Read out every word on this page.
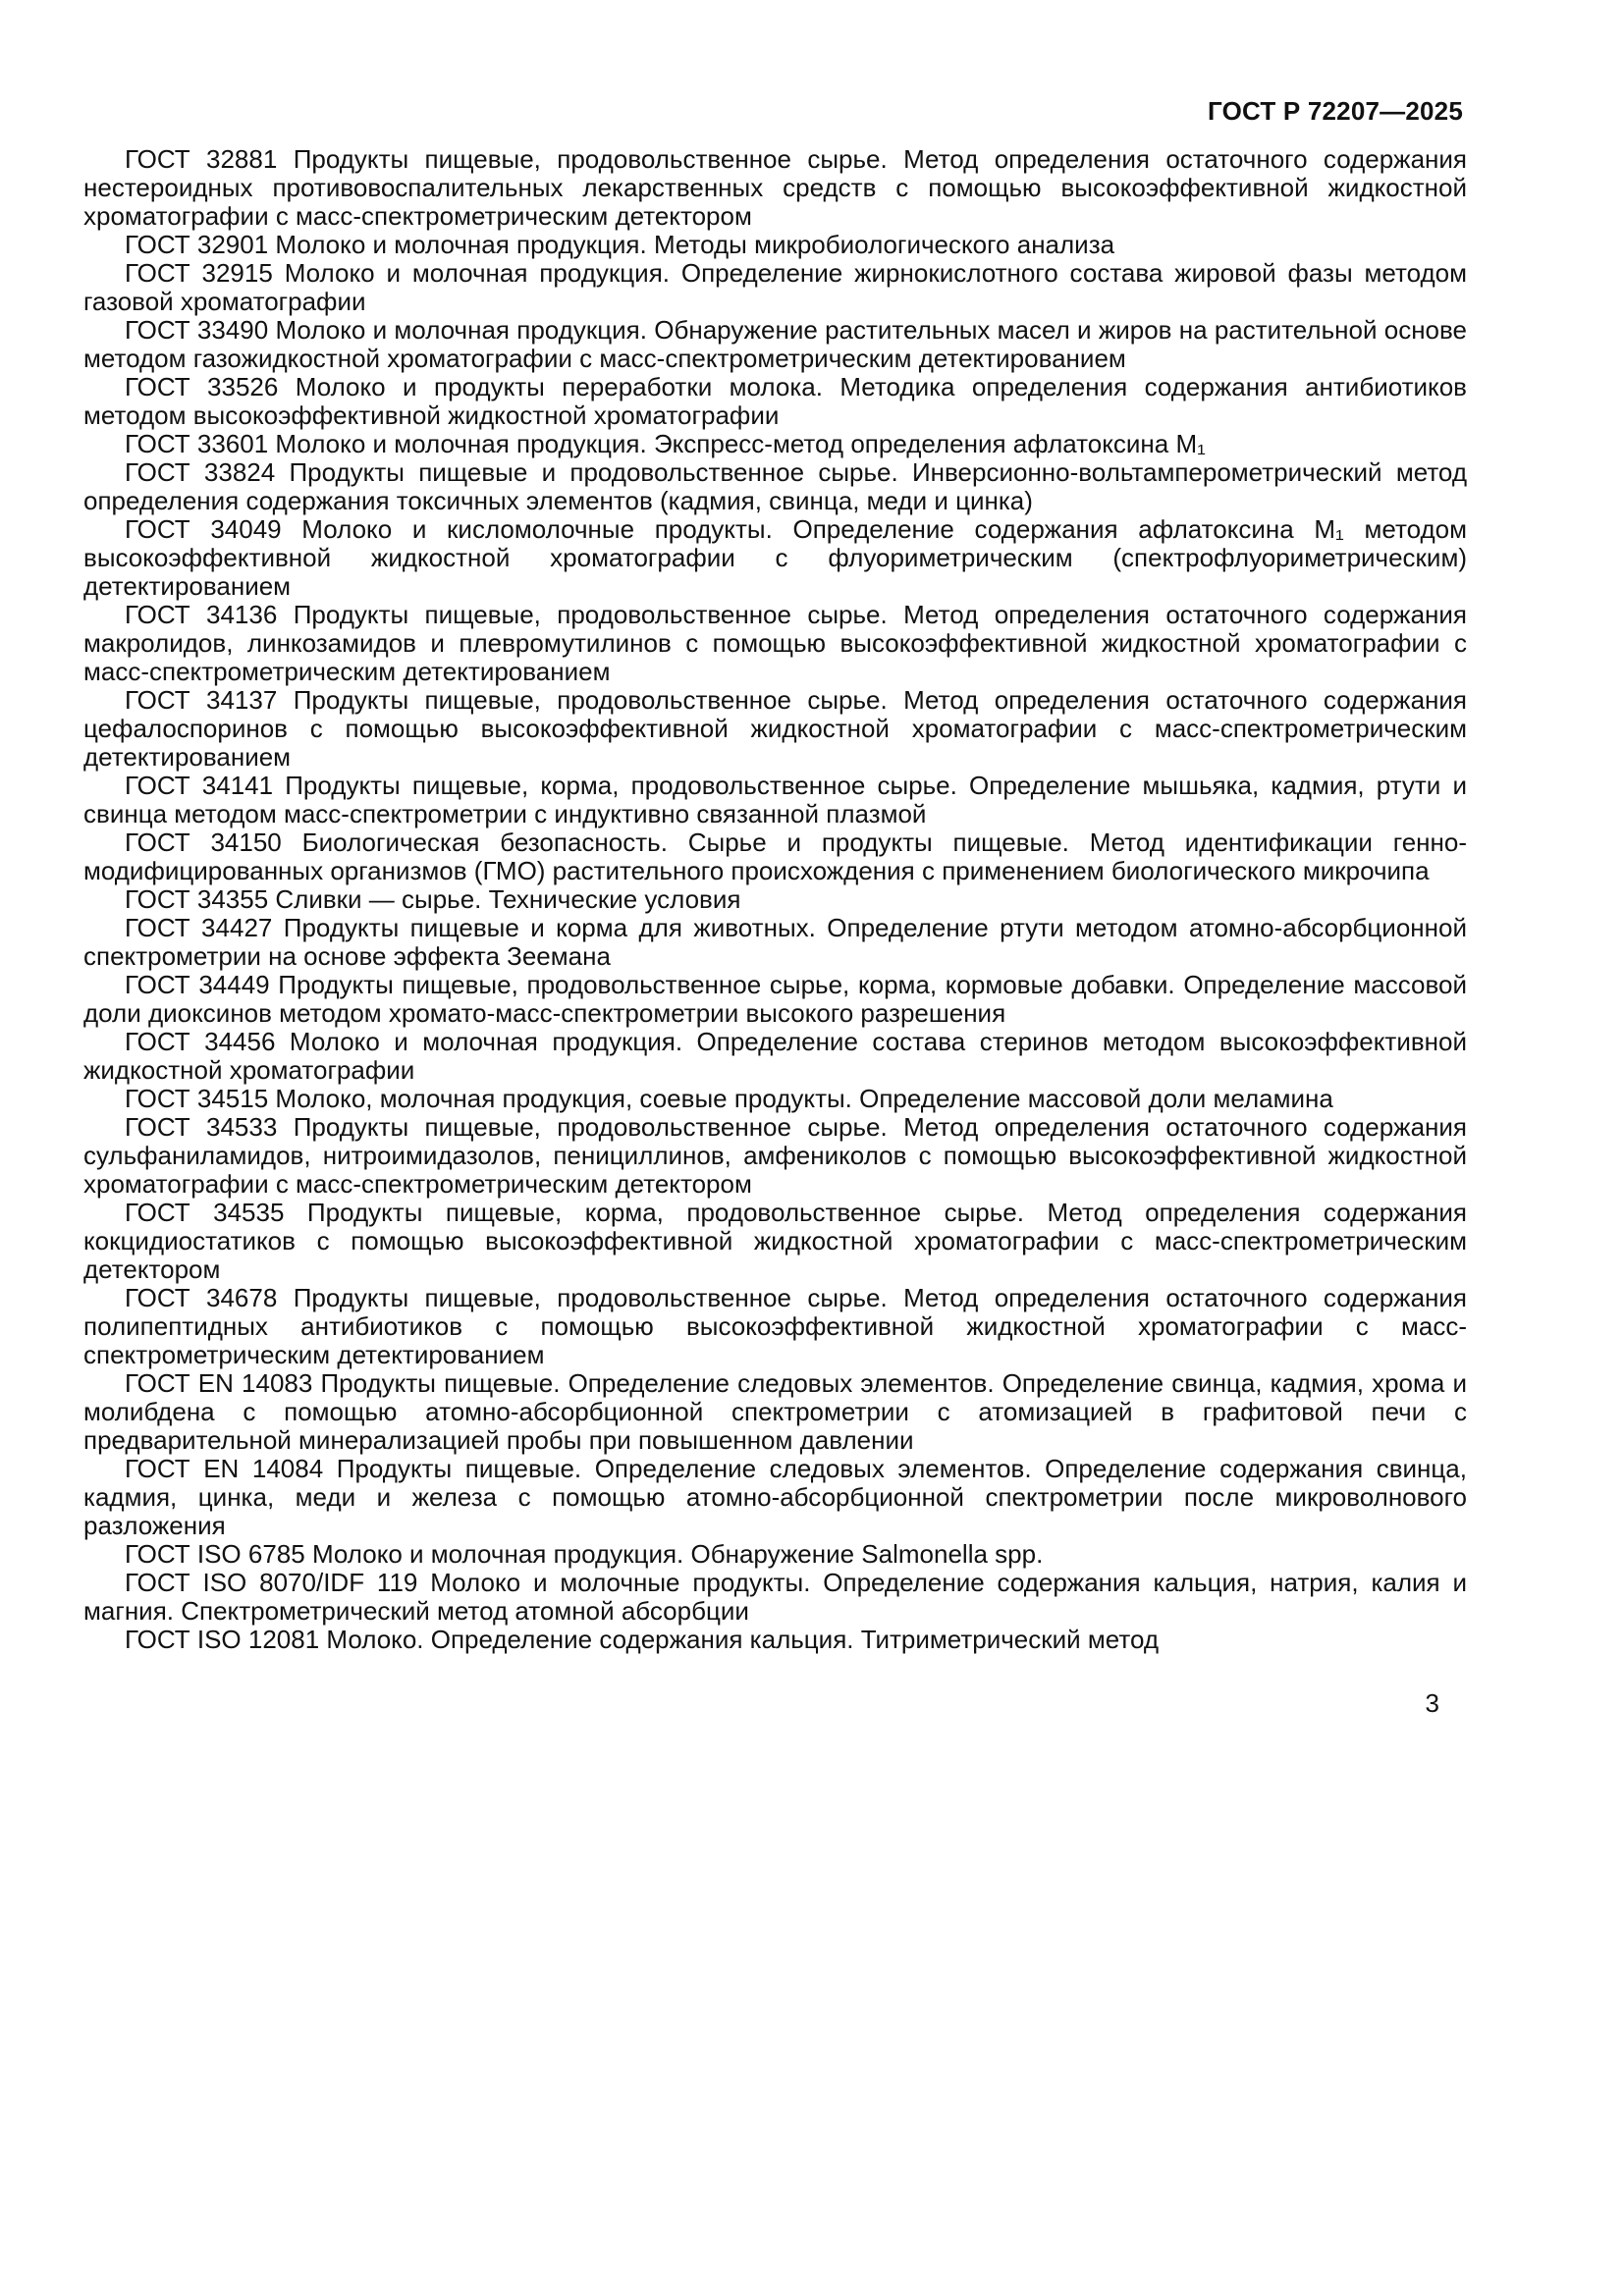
ГОСТ Р 72207—2025

ГОСТ 32881 Продукты пищевые, продовольственное сырье. Метод определения остаточного содержания нестероидных противовоспалительных лекарственных средств с помощью высокоэффективной жидкостной хроматографии с масс-спектрометрическим детектором

ГОСТ 32901 Молоко и молочная продукция. Методы микробиологического анализа

ГОСТ 32915 Молоко и молочная продукция. Определение жирнокислотного состава жировой фазы методом газовой хроматографии

ГОСТ 33490 Молоко и молочная продукция. Обнаружение растительных масел и жиров на растительной основе методом газожидкостной хроматографии с масс-спектрометрическим детектированием

ГОСТ 33526 Молоко и продукты переработки молока. Методика определения содержания антибиотиков методом высокоэффективной жидкостной хроматографии

ГОСТ 33601 Молоко и молочная продукция. Экспресс-метод определения афлатоксина М₁

ГОСТ 33824 Продукты пищевые и продовольственное сырье. Инверсионно-вольтамперометрический метод определения содержания токсичных элементов (кадмия, свинца, меди и цинка)

ГОСТ 34049 Молоко и кисломолочные продукты. Определение содержания афлатоксина М₁ методом высокоэффективной жидкостной хроматографии с флуориметрическим (спектрофлуориметрическим) детектированием

ГОСТ 34136 Продукты пищевые, продовольственное сырье. Метод определения остаточного содержания макролидов, линкозамидов и плевромутилинов с помощью высокоэффективной жидкостной хроматографии с масс-спектрометрическим детектированием

ГОСТ 34137 Продукты пищевые, продовольственное сырье. Метод определения остаточного содержания цефалоспоринов с помощью высокоэффективной жидкостной хроматографии с масс-спектрометрическим детектированием

ГОСТ 34141 Продукты пищевые, корма, продовольственное сырье. Определение мышьяка, кадмия, ртути и свинца методом масс-спектрометрии с индуктивно связанной плазмой

ГОСТ 34150 Биологическая безопасность. Сырье и продукты пищевые. Метод идентификации генно-модифицированных организмов (ГМО) растительного происхождения с применением биологического микрочипа

ГОСТ 34355 Сливки — сырье. Технические условия

ГОСТ 34427 Продукты пищевые и корма для животных. Определение ртути методом атомно-абсорбционной спектрометрии на основе эффекта Зеемана

ГОСТ 34449 Продукты пищевые, продовольственное сырье, корма, кормовые добавки. Определение массовой доли диоксинов методом хромато-масс-спектрометрии высокого разрешения

ГОСТ 34456 Молоко и молочная продукция. Определение состава стеринов методом высокоэффективной жидкостной хроматографии

ГОСТ 34515 Молоко, молочная продукция, соевые продукты. Определение массовой доли меламина

ГОСТ 34533 Продукты пищевые, продовольственное сырье. Метод определения остаточного содержания сульфаниламидов, нитроимидазолов, пенициллинов, амфениколов с помощью высокоэффективной жидкостной хроматографии с масс-спектрометрическим детектором

ГОСТ 34535 Продукты пищевые, корма, продовольственное сырье. Метод определения содержания кокцидиостатиков с помощью высокоэффективной жидкостной хроматографии с масс-спектрометрическим детектором

ГОСТ 34678 Продукты пищевые, продовольственное сырье. Метод определения остаточного содержания полипептидных антибиотиков с помощью высокоэффективной жидкостной хроматографии с масс-спектрометрическим детектированием

ГОСТ EN 14083 Продукты пищевые. Определение следовых элементов. Определение свинца, кадмия, хрома и молибдена с помощью атомно-абсорбционной спектрометрии с атомизацией в графитовой печи с предварительной минерализацией пробы при повышенном давлении

ГОСТ EN 14084 Продукты пищевые. Определение следовых элементов. Определение содержания свинца, кадмия, цинка, меди и железа с помощью атомно-абсорбционной спектрометрии после микроволнового разложения

ГОСТ ISO 6785 Молоко и молочная продукция. Обнаружение Salmonella spp.

ГОСТ ISO 8070/IDF 119 Молоко и молочные продукты. Определение содержания кальция, натрия, калия и магния. Спектрометрический метод атомной абсорбции

ГОСТ ISO 12081 Молоко. Определение содержания кальция. Титриметрический метод

3
